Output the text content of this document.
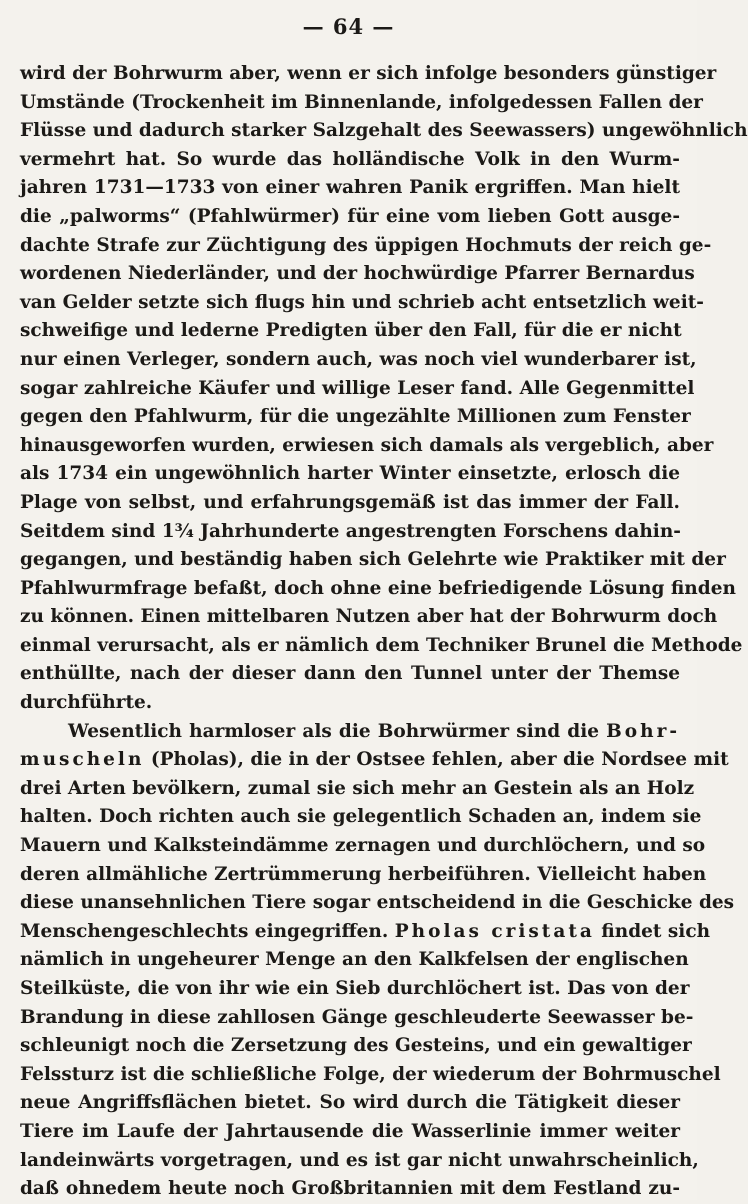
— 64 —
wird der Bohrwurm aber, wenn er sich infolge besonders günstiger
Umstände (Trockenheit im Binnenlande, infolgedessen Fallen der
Flüsse und dadurch starker Salzgehalt des Seewassers) ungewöhnlich
vermehrt hat. So wurde das holländische Volk in den Wurm-
jahren 1731—1733 von einer wahren Panik ergriffen. Man hielt
die „palworms“ (Pfahlwürmer) für eine vom lieben Gott ausge-
dachte Strafe zur Züchtigung des üppigen Hochmuts der reich ge-
wordenen Niederländer, und der hochwürdige Pfarrer Bernardus
van Gelder setzte sich flugs hin und schrieb acht entsetzlich weit-
schweifige und lederne Predigten über den Fall, für die er nicht
nur einen Verleger, sondern auch, was noch viel wunderbarer ist,
sogar zahlreiche Käufer und willige Leser fand. Alle Gegenmittel
gegen den Pfahlwurm, für die ungezählte Millionen zum Fenster
hinausgeworfen wurden, erwiesen sich damals als vergeblich, aber
als 1734 ein ungewöhnlich harter Winter einsetzte, erlosch die
Plage von selbst, und erfahrungsgemäß ist das immer der Fall.
Seitdem sind 1¾ Jahrhunderte angestrengten Forschens dahin-
gegangen, und beständig haben sich Gelehrte wie Praktiker mit der
Pfahlwurmfrage befaßt, doch ohne eine befriedigende Lösung finden
zu können. Einen mittelbaren Nutzen aber hat der Bohrwurm doch
einmal verursacht, als er nämlich dem Techniker Brunel die Methode
enthüllte, nach der dieser dann den Tunnel unter der Themse
durchführte.
Wesentlich harmloser als die Bohrwürmer sind die Bohr-
muscheln (Pholas), die in der Ostsee fehlen, aber die Nordsee mit
drei Arten bevölkern, zumal sie sich mehr an Gestein als an Holz
halten. Doch richten auch sie gelegentlich Schaden an, indem sie
Mauern und Kalksteindämme zernagen und durchlöchern, und so
deren allmähliche Zertrümmerung herbeiführen. Vielleicht haben
diese unansehnlichen Tiere sogar entscheidend in die Geschicke des
Menschengeschlechts eingegriffen. Pholas cristata findet sich
nämlich in ungeheurer Menge an den Kalkfelsen der englischen
Steilküste, die von ihr wie ein Sieb durchlöchert ist. Das von der
Brandung in diese zahllosen Gänge geschleuderte Seewasser be-
schleunigt noch die Zersetzung des Gesteins, und ein gewaltiger
Felssturz ist die schließliche Folge, der wiederum der Bohrmuschel
neue Angriffsflächen bietet. So wird durch die Tätigkeit dieser
Tiere im Laufe der Jahrtausende die Wasserlinie immer weiter
landeinwärts vorgetragen, und es ist gar nicht unwahrscheinlich,
daß ohnedem heute noch Großbritannien mit dem Festland zu-
